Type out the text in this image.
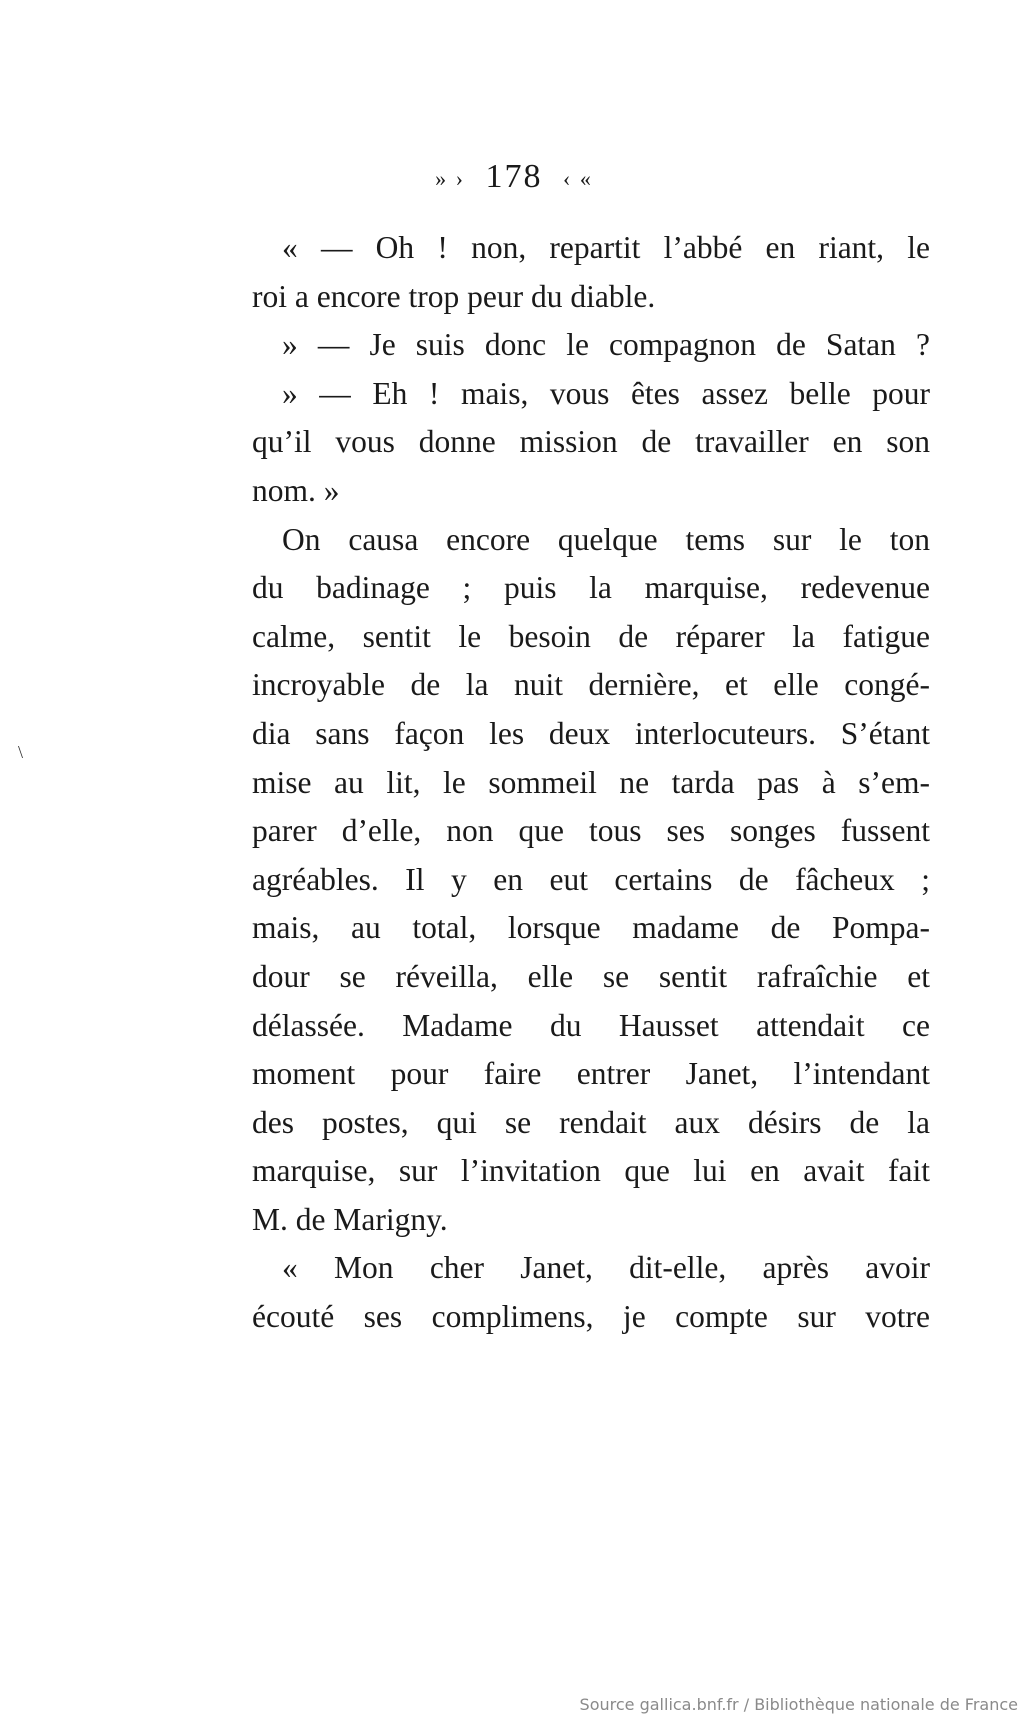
» › 178 ‹ «
« — Oh ! non, repartit l’abbé en riant, le
roi a encore trop peur du diable.
» — Je suis donc le compagnon de Satan ?
» — Eh ! mais, vous êtes assez belle pour
qu’il vous donne mission de travailler en son
nom. »
On causa encore quelque tems sur le ton
du badinage ; puis la marquise, redevenue
calme, sentit le besoin de réparer la fatigue
incroyable de la nuit dernière, et elle congé-
dia sans façon les deux interlocuteurs. S’étant
mise au lit, le sommeil ne tarda pas à s’em-
parer d’elle, non que tous ses songes fussent
agréables. Il y en eut certains de fâcheux ;
mais, au total, lorsque madame de Pompa-
dour se réveilla, elle se sentit rafraîchie et
délassée. Madame du Hausset attendait ce
moment pour faire entrer Janet, l’intendant
des postes, qui se rendait aux désirs de la
marquise, sur l’invitation que lui en avait fait
M. de Marigny.
« Mon cher Janet, dit-elle, après avoir
écouté ses complimens, je compte sur votre
\
Source gallica.bnf.fr / Bibliothèque nationale de France
